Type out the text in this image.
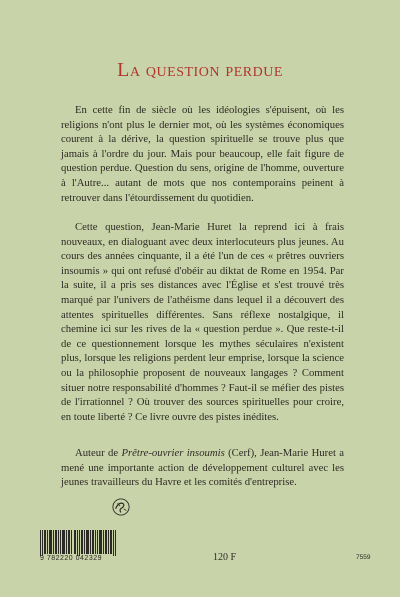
La question perdue

En cette fin de siècle où les idéologies s'épuisent, où les religions n'ont plus le dernier mot, où les systèmes économiques courent à la dérive, la question spirituelle se trouve plus que jamais à l'ordre du jour. Mais pour beaucoup, elle fait figure de question perdue. Question du sens, origine de l'homme, ouverture à l'Autre... autant de mots que nos contemporains peinent à retrouver dans l'étourdissement du quotidien.

Cette question, Jean-Marie Huret la reprend ici à frais nouveaux, en dialoguant avec deux interlocuteurs plus jeunes. Au cours des années cinquante, il a été l'un de ces « prêtres ouvriers insoumis » qui ont refusé d'obéir au diktat de Rome en 1954. Par la suite, il a pris ses distances avec l'Église et s'est trouvé très marqué par l'univers de l'athéisme dans lequel il a découvert des attentes spirituelles différentes. Sans réflexe nostalgique, il chemine ici sur les rives de la « question perdue ». Que reste-t-il de ce questionnement lorsque les mythes séculaires n'existent plus, lorsque les religions perdent leur emprise, lorsque la science ou la philosophie proposent de nouveaux langages ? Comment situer notre responsabilité d'hommes ? Faut-il se méfier des pistes de l'irrationnel ? Où trouver des sources spirituelles pour croire, en toute liberté ? Ce livre ouvre des pistes inédites.

Auteur de Prêtre-ouvrier insoumis (Cerf), Jean-Marie Huret a mené une importante action de développement culturel avec les jeunes travailleurs du Havre et les comités d'entreprise.

9 782220 042329	120 F	7559
